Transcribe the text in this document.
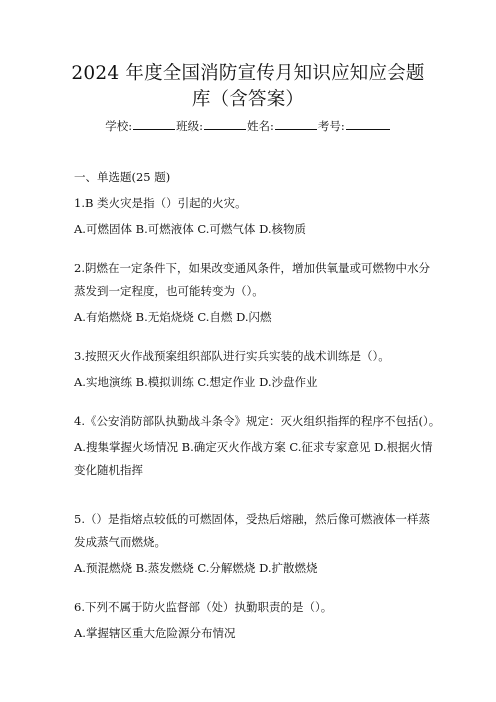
2024 年度全国消防宣传月知识应知应会题
库（含答案）
学校:	班级:	姓名:	考号:
一、单选题(25 题)
1.B 类火灾是指（）引起的火灾。
A.可燃固体 B.可燃液体 C.可燃气体 D.核物质
2.阴燃在一定条件下，如果改变通风条件，增加供氧量或可燃物中水分
蒸发到一定程度，也可能转变为（）。
A.有焰燃烧 B.无焰烧烧 C.自燃 D.闪燃
3.按照灭火作战预案组织部队进行实兵实装的战术训练是（）。
A.实地演练 B.模拟训练 C.想定作业 D.沙盘作业
4.《公安消防部队执勤战斗条令》规定：灭火组织指挥的程序不包括(）。
A.搜集掌握火场情况 B.确定灭火作战方案 C.征求专家意见 D.根据火情
变化随机指挥
5.（）是指熔点较低的可燃固体，受热后熔融，然后像可燃液体一样蒸
发成蒸气而燃烧。
A.预混燃烧 B.蒸发燃烧 C.分解燃烧 D.扩散燃烧
6.下列不属于防火监督部（处）执勤职责的是（）。
A.掌握辖区重大危险源分布情况
